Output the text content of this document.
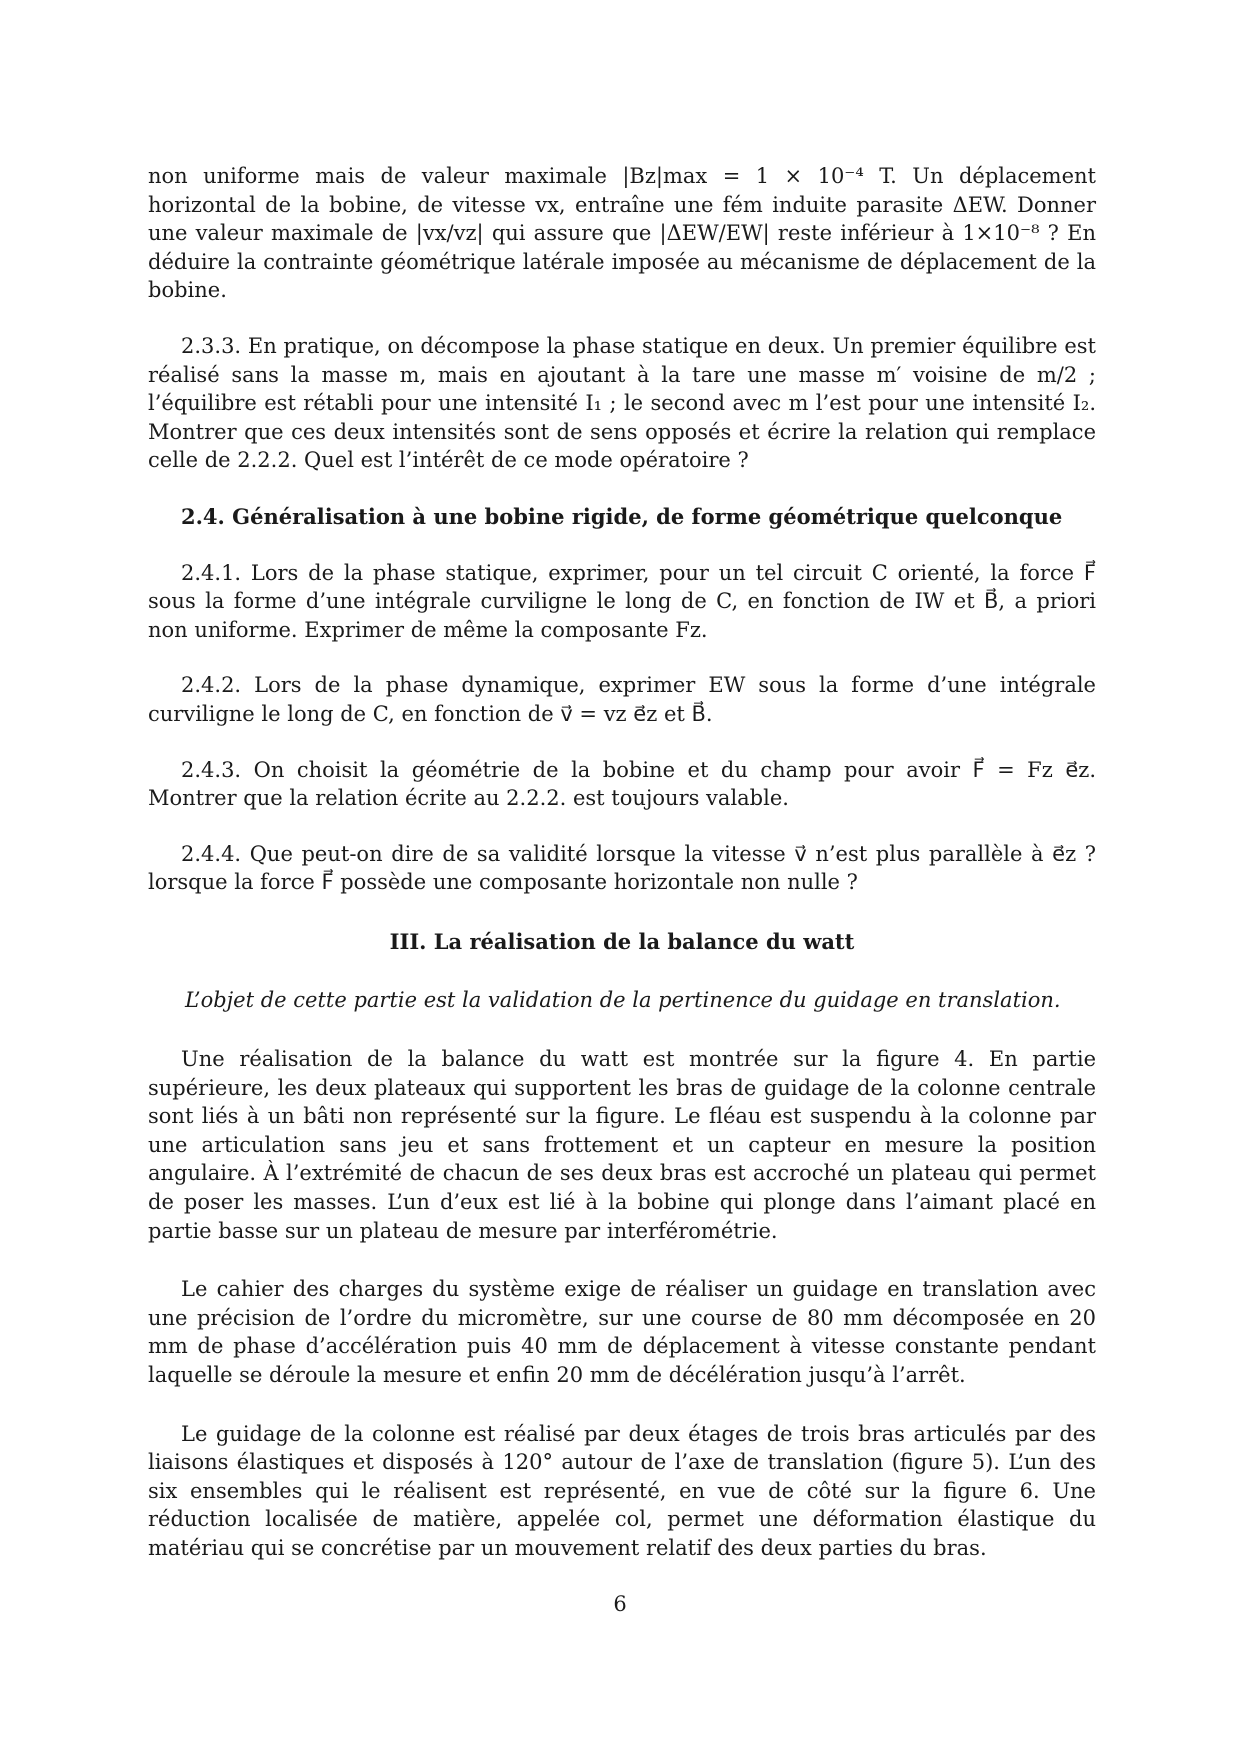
non uniforme mais de valeur maximale |Bz|max = 1 × 10⁻⁴ T. Un déplacement horizontal de la bobine, de vitesse vx, entraîne une fém induite parasite ΔEW. Donner une valeur maximale de |vx/vz| qui assure que |ΔEW/EW| reste inférieur à 1×10⁻⁸ ? En déduire la contrainte géométrique latérale imposée au mécanisme de déplacement de la bobine.

2.3.3. En pratique, on décompose la phase statique en deux. Un premier équilibre est réalisé sans la masse m, mais en ajoutant à la tare une masse m′ voisine de m/2 ; l’équilibre est rétabli pour une intensité I₁ ; le second avec m l’est pour une intensité I₂. Montrer que ces deux intensités sont de sens opposés et écrire la relation qui remplace celle de 2.2.2. Quel est l’intérêt de ce mode opératoire ?

2.4. Généralisation à une bobine rigide, de forme géométrique quelconque

2.4.1. Lors de la phase statique, exprimer, pour un tel circuit C orienté, la force F⃗ sous la forme d’une intégrale curviligne le long de C, en fonction de IW et B⃗, a priori non uniforme. Exprimer de même la composante Fz.

2.4.2. Lors de la phase dynamique, exprimer EW sous la forme d’une intégrale curviligne le long de C, en fonction de v⃗ = vz e⃗z et B⃗.

2.4.3. On choisit la géométrie de la bobine et du champ pour avoir F⃗ = Fz e⃗z. Montrer que la relation écrite au 2.2.2. est toujours valable.

2.4.4. Que peut-on dire de sa validité lorsque la vitesse v⃗ n’est plus parallèle à e⃗z ? lorsque la force F⃗ possède une composante horizontale non nulle ?

III. La réalisation de la balance du watt

L’objet de cette partie est la validation de la pertinence du guidage en translation.

Une réalisation de la balance du watt est montrée sur la figure 4. En partie supérieure, les deux plateaux qui supportent les bras de guidage de la colonne centrale sont liés à un bâti non représenté sur la figure. Le fléau est suspendu à la colonne par une articulation sans jeu et sans frottement et un capteur en mesure la position angulaire. À l’extrémité de chacun de ses deux bras est accroché un plateau qui permet de poser les masses. L’un d’eux est lié à la bobine qui plonge dans l’aimant placé en partie basse sur un plateau de mesure par interférométrie.

Le cahier des charges du système exige de réaliser un guidage en translation avec une précision de l’ordre du micromètre, sur une course de 80 mm décomposée en 20 mm de phase d’accélération puis 40 mm de déplacement à vitesse constante pendant laquelle se déroule la mesure et enfin 20 mm de décélération jusqu’à l’arrêt.

Le guidage de la colonne est réalisé par deux étages de trois bras articulés par des liaisons élastiques et disposés à 120° autour de l’axe de translation (figure 5). L’un des six ensembles qui le réalisent est représenté, en vue de côté sur la figure 6. Une réduction localisée de matière, appelée col, permet une déformation élastique du matériau qui se concrétise par un mouvement relatif des deux parties du bras.

6
